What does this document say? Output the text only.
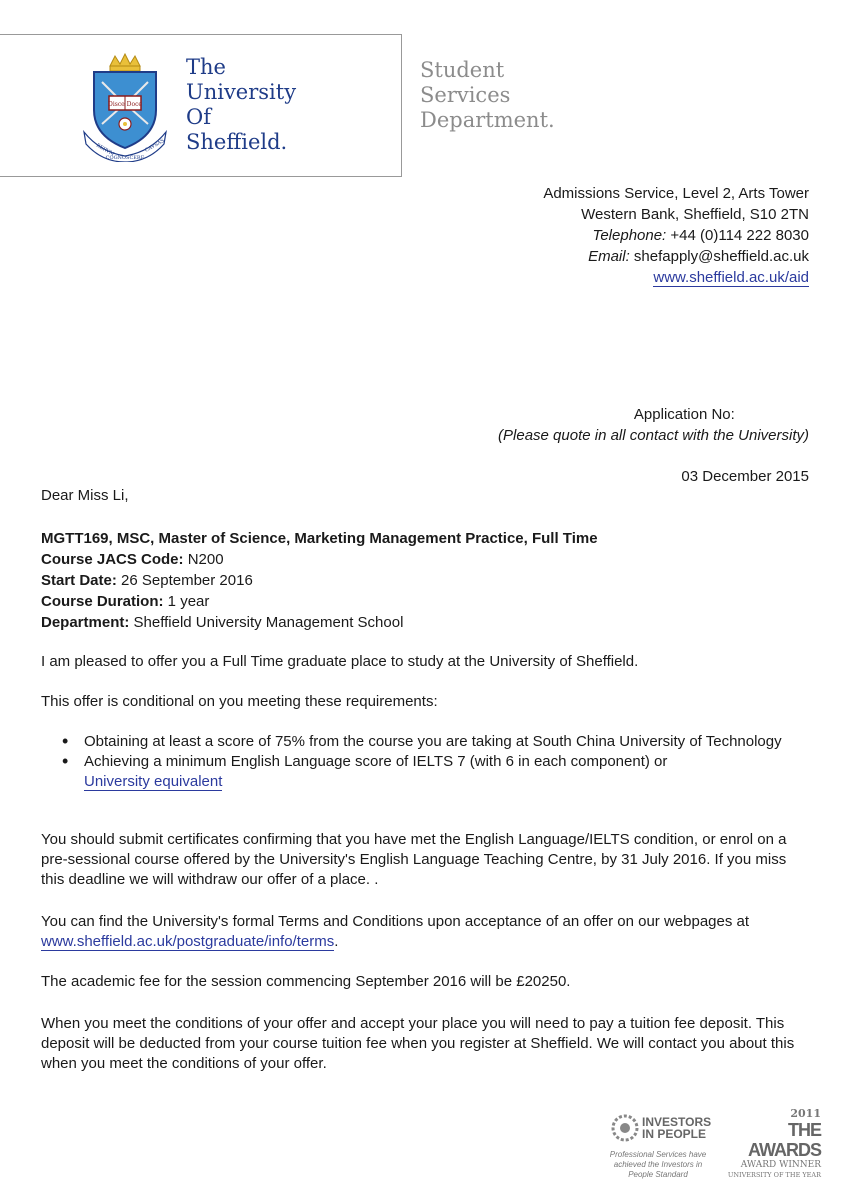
Disce Doce
RERVM
COGNOSCERE
CAVSAS
The
University
Of
Sheffield.
Student
Services
Department.
Admissions Service, Level 2, Arts Tower
Western Bank, Sheffield, S10 2TN
Telephone: +44 (0)114 222 8030
Email: shefapply@sheffield.ac.uk
www.sheffield.ac.uk/aid
Application No:
(Please quote in all contact with the University)
03 December 2015
Dear Miss Li,
MGTT169, MSC, Master of Science, Marketing Management Practice, Full Time
Course JACS Code: N200
Start Date: 26 September 2016
Course Duration: 1 year
Department: Sheffield University Management School
I am pleased to offer you a Full Time graduate place to study at the University of Sheffield.
This offer is conditional on you meeting these requirements:
• Obtaining at least a score of 75% from the course you are taking at South China University of Technology
• Achieving a minimum English Language score of IELTS 7 (with 6 in each component) or
University equivalent
You should submit certificates confirming that you have met the English Language/IELTS condition, or enrol on a pre-sessional course offered by the University's English Language Teaching Centre, by 31 July 2016. If you miss this deadline we will withdraw our offer of a place. .
You can find the University's formal Terms and Conditions upon acceptance of an offer on our webpages at www.sheffield.ac.uk/postgraduate/info/terms.
The academic fee for the session commencing September 2016 will be £20250.
When you meet the conditions of your offer and accept your place you will need to pay a tuition fee deposit. This deposit will be deducted from your course tuition fee when you register at Sheffield. We will contact you about this when you meet the conditions of your offer.
INVESTORS
IN PEOPLE
Professional Services have achieved the Investors in People Standard
2011
THE AWARDS
AWARD WINNER
UNIVERSITY OF THE YEAR
